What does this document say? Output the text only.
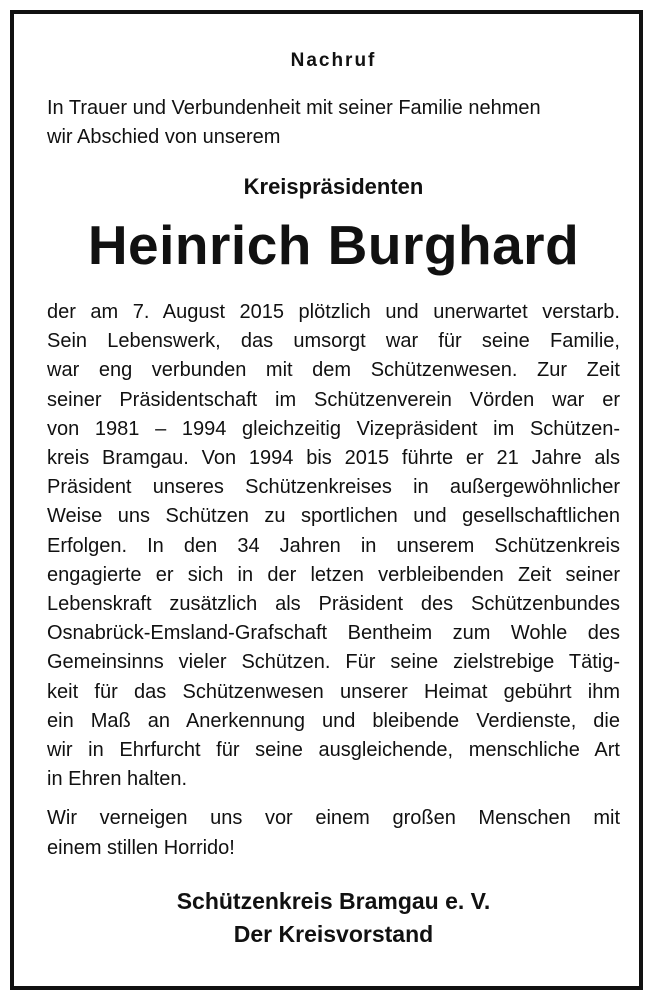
Nachruf
In Trauer und Verbundenheit mit seiner Familie nehmen
wir Abschied von unserem
Kreispräsidenten
Heinrich Burghard
der am 7. August 2015 plötzlich und unerwartet verstarb.
Sein Lebenswerk, das umsorgt war für seine Familie,
war eng verbunden mit dem Schützenwesen. Zur Zeit
seiner Präsidentschaft im Schützenverein Vörden war er
von 1981 – 1994 gleichzeitig Vizepräsident im Schützen-
kreis Bramgau. Von 1994 bis 2015 führte er 21 Jahre als
Präsident unseres Schützenkreises in außergewöhnlicher
Weise uns Schützen zu sportlichen und gesellschaftlichen
Erfolgen. In den 34 Jahren in unserem Schützenkreis
engagierte er sich in der letzen verbleibenden Zeit seiner
Lebenskraft zusätzlich als Präsident des Schützenbundes
Osnabrück-Emsland-Grafschaft Bentheim zum Wohle des
Gemeinsinns vieler Schützen. Für seine zielstrebige Tätig-
keit für das Schützenwesen unserer Heimat gebührt ihm
ein Maß an Anerkennung und bleibende Verdienste, die
wir in Ehrfurcht für seine ausgleichende, menschliche Art
in Ehren halten.
Wir verneigen uns vor einem großen Menschen mit
einem stillen Horrido!
Schützenkreis Bramgau e. V.
Der Kreisvorstand
